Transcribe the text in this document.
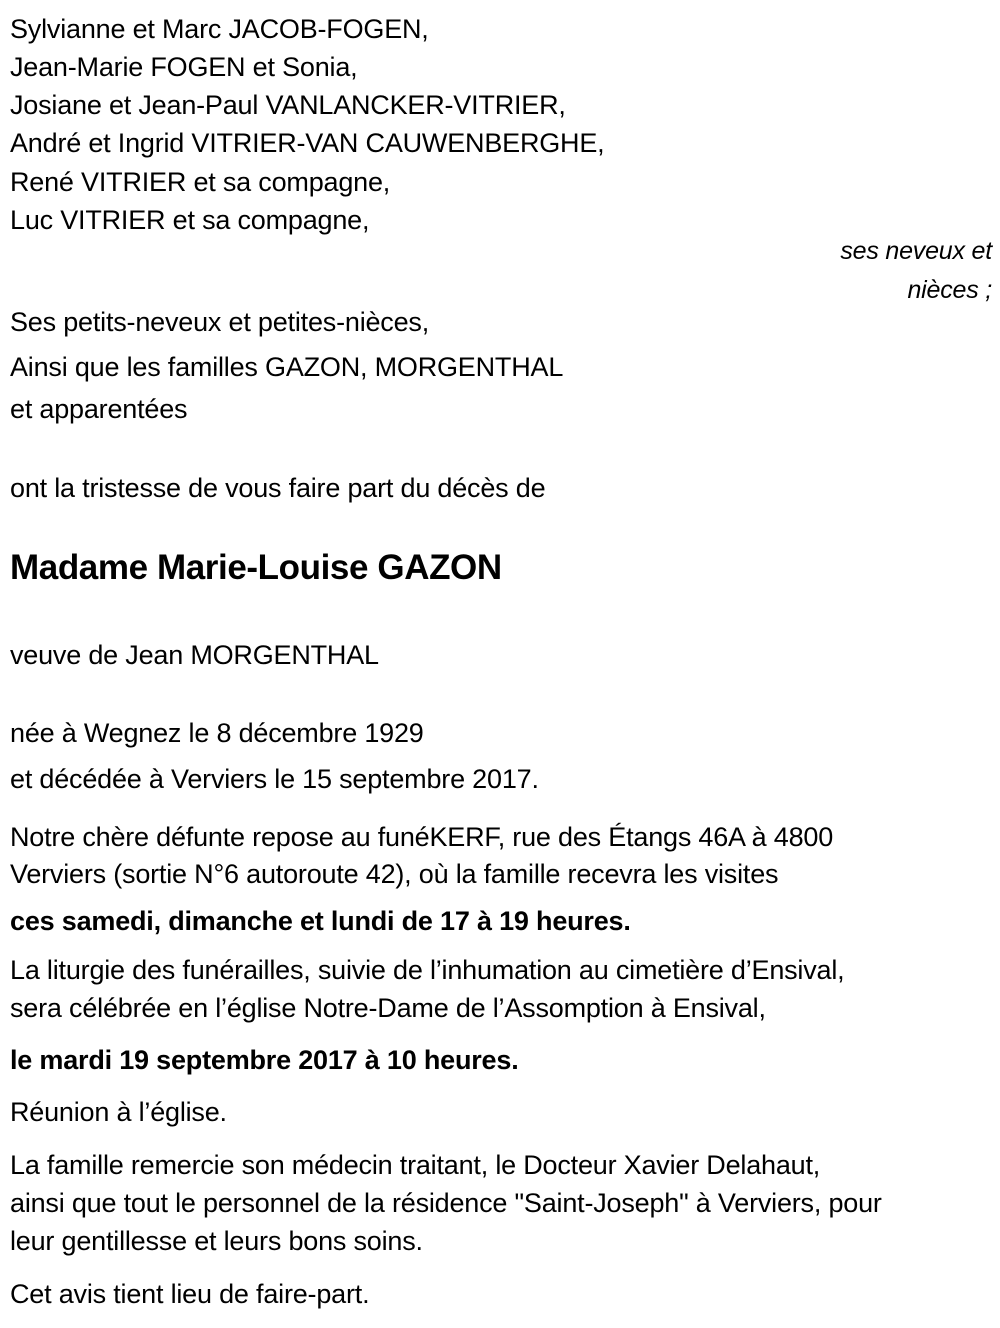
Sylvianne et Marc JACOB-FOGEN,
Jean-Marie FOGEN et Sonia,
Josiane et Jean-Paul VANLANCKER-VITRIER,
André et Ingrid VITRIER-VAN CAUWENBERGHE,
René VITRIER et sa compagne,
Luc VITRIER et sa compagne,
ses neveux et
nièces ;
Ses petits-neveux et petites-nièces,
Ainsi que les familles GAZON, MORGENTHAL
et apparentées
ont la tristesse de vous faire part du décès de
Madame Marie-Louise GAZON
veuve de Jean MORGENTHAL
née à Wegnez le 8 décembre 1929
et décédée à Verviers le 15 septembre 2017.
Notre chère défunte repose au funéKERF, rue des Étangs 46A à 4800
Verviers (sortie N°6 autoroute 42), où la famille recevra les visites
ces samedi, dimanche et lundi de 17 à 19 heures.
La liturgie des funérailles, suivie de l’inhumation au cimetière d’Ensival,
sera célébrée en l’église Notre-Dame de l’Assomption à Ensival,
le mardi 19 septembre 2017 à 10 heures.
Réunion à l’église.
La famille remercie son médecin traitant, le Docteur Xavier Delahaut,
ainsi que tout le personnel de la résidence "Saint-Joseph" à Verviers, pour
leur gentillesse et leurs bons soins.
Cet avis tient lieu de faire-part.
